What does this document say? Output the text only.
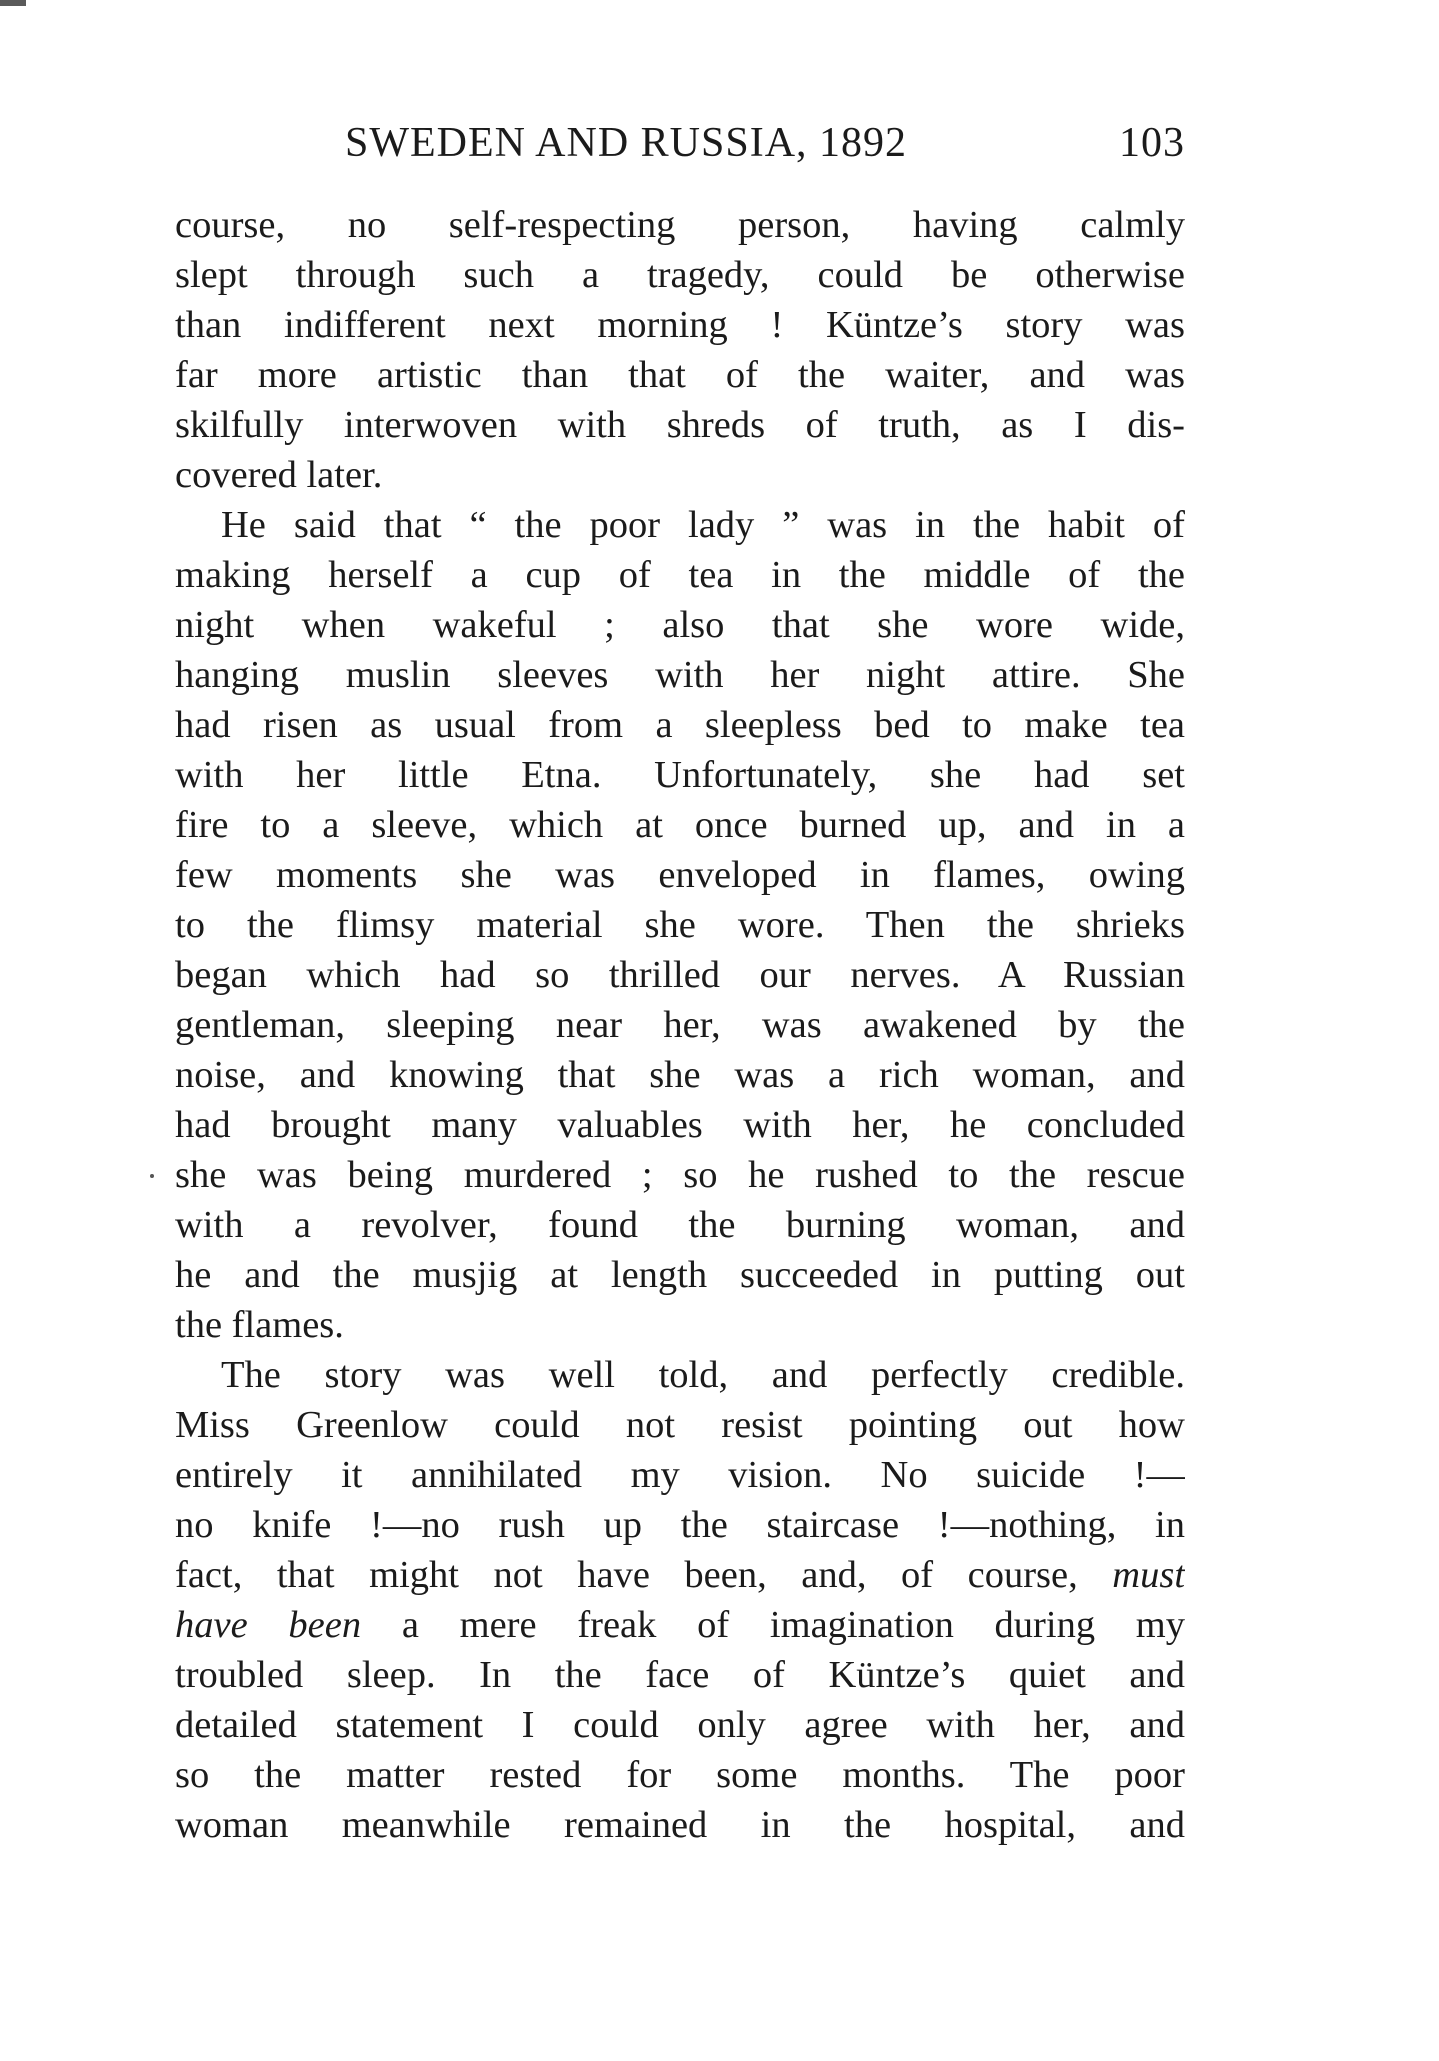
SWEDEN AND RUSSIA, 1892	103
course, no self-respecting person, having calmly
slept through such a tragedy, could be otherwise
than indifferent next morning ! Küntze’s story was
far more artistic than that of the waiter, and was
skilfully interwoven with shreds of truth, as I dis-
covered later.
He said that “ the poor lady ” was in the habit of
making herself a cup of tea in the middle of the
night when wakeful ; also that she wore wide,
hanging muslin sleeves with her night attire. She
had risen as usual from a sleepless bed to make tea
with her little Etna. Unfortunately, she had set
fire to a sleeve, which at once burned up, and in a
few moments she was enveloped in flames, owing
to the flimsy material she wore. Then the shrieks
began which had so thrilled our nerves. A Russian
gentleman, sleeping near her, was awakened by the
noise, and knowing that she was a rich woman, and
had brought many valuables with her, he concluded
she was being murdered ; so he rushed to the rescue
with a revolver, found the burning woman, and
he and the musjig at length succeeded in putting out
the flames.
The story was well told, and perfectly credible.
Miss Greenlow could not resist pointing out how
entirely it annihilated my vision. No suicide !—
no knife !—no rush up the staircase !—nothing, in
fact, that might not have been, and, of course, must
have been a mere freak of imagination during my
troubled sleep. In the face of Küntze’s quiet and
detailed statement I could only agree with her, and
so the matter rested for some months. The poor
woman meanwhile remained in the hospital, and
